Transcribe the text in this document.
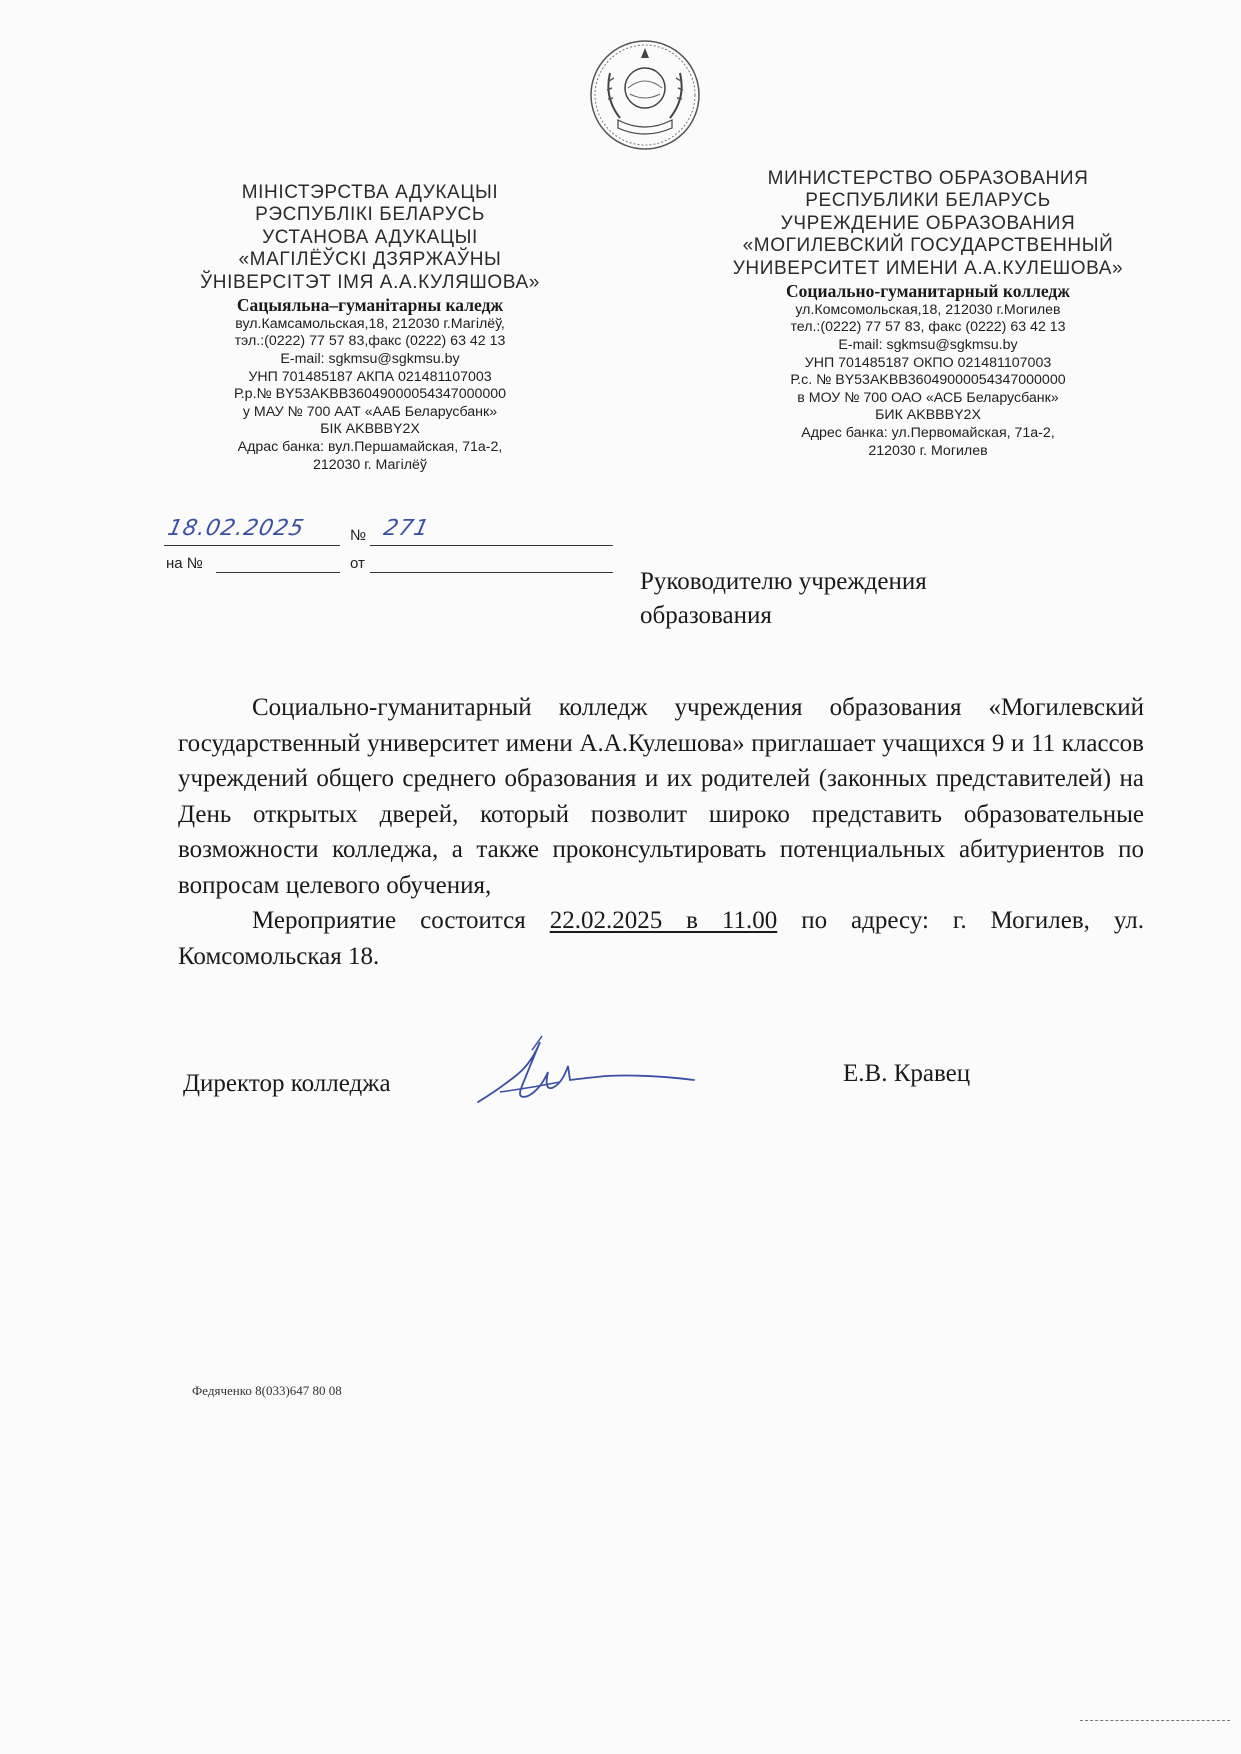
МІНІСТЭРСТВА АДУКАЦЫІ
РЭСПУБЛІКІ БЕЛАРУСЬ
УСТАНОВА АДУКАЦЫІ
«МАГІЛЁЎСКІ ДЗЯРЖАЎНЫ
ЎНІВЕРСІТЭТ ІМЯ А.А.КУЛЯШОВА»
Сацыяльна–гуманітарны каледж
вул.Камсамольская,18, 212030 г.Магілёў,
тэл.:(0222) 77 57 83,факс (0222) 63 42 13
E-mail: sgkmsu@sgkmsu.by
УНП 701485187 АКПА 021481107003
Р.р.№ BY53AKBB36049000054347000000
у МАУ № 700 ААТ «ААБ Беларусбанк»
БІК AKBBBY2X
Адрас банка: вул.Першамайская, 71а-2,
212030 г. Магілёў
МИНИСТЕРСТВО ОБРАЗОВАНИЯ
РЕСПУБЛИКИ БЕЛАРУСЬ
УЧРЕЖДЕНИЕ ОБРАЗОВАНИЯ
«МОГИЛЕВСКИЙ ГОСУДАРСТВЕННЫЙ
УНИВЕРСИТЕТ ИМЕНИ А.А.КУЛЕШОВА»
Социально-гуманитарный колледж
ул.Комсомольская,18, 212030 г.Могилев
тел.:(0222) 77 57 83, факс (0222) 63 42 13
E-mail: sgkmsu@sgkmsu.by
УНП 701485187 ОКПО 021481107003
Р.с. № BY53AKBB36049000054347000000
в МОУ № 700 ОАО «АСБ Беларусбанк»
БИК AKBBBY2X
Адрес банка: ул.Первомайская, 71а-2,
212030 г. Могилев
18.02.2025	№ 271
на №	от
Руководителю учреждения
образования

Социально-гуманитарный колледж учреждения образования «Могилевский государственный университет имени А.А.Кулешова» приглашает учащихся 9 и 11 классов учреждений общего среднего образования и их родителей (законных представителей) на День открытых дверей, который позволит широко представить образовательные возможности колледжа, а также проконсультировать потенциальных абитуриентов по вопросам целевого обучения,

Мероприятие состоится 22.02.2025 в 11.00 по адресу: г. Могилев, ул. Комсомольская 18.

Директор колледжа	Е.В. Кравец
Федяченко 8(033)647 80 08
